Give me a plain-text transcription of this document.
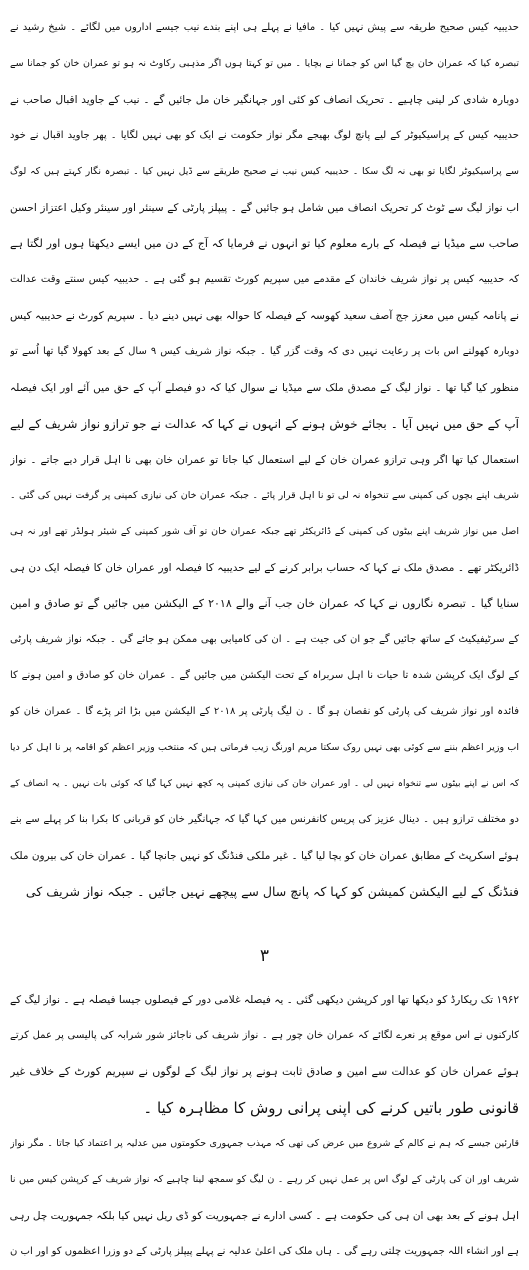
حدیبیہ کیس صحیح طریقہ سے پیش نہیں کیا ۔ مافیا نے پہلے ہی اپنے بندے نیب جیسے اداروں میں لگائے ۔ شیخ رشید نے
تبصرہ کیا کہ عمران خان بچ گیا اس کو جمانا نے بچایا ۔ میں تو کہتا ہوں اگر مذہبی رکاوٹ نہ ہو تو عمران خان کو جمانا سے
دوبارہ شادی کر لینی چاہیے ۔ تحریک انصاف کو کئی اور جہانگیر خان مل جائیں گے ۔ نیب کے جاوید اقبال صاحب نے
حدیبیہ کیس کے پراسیکیوٹر کے لیے پانچ لوگ بھیجے مگر نواز حکومت نے ایک کو بھی نہیں لگایا ۔ پھر جاوید اقبال نے خود
سے پراسیکیوٹر لگایا تو بھی نہ لگ سکا ۔ حدیبیہ کیس نیب نے صحیح طریقے سے ڈیل نہیں کیا ۔ تبصرہ نگار کہتے ہیں کہ لوگ
اب نواز لیگ سے ٹوٹ کر تحریک انصاف میں شامل ہو جائیں گے ۔ پیپلز پارٹی کے سینئر اور سینئر وکیل اعتزاز احسن
صاحب سے میڈیا نے فیصلہ کے بارے معلوم کیا تو انہوں نے فرمایا کہ آج کے دن میں ایسے دیکھتا ہوں اور لگتا ہے
کہ حدیبیہ کیس پر نواز شریف خاندان کے مقدمے میں سپریم کورٹ تقسیم ہو گئی ہے ۔ حدیبیہ کیس سنتے وقت عدالت
نے پانامہ کیس میں معزز جج آصف سعید کھوسہ کے فیصلہ کا حوالہ بھی نہیں دینے دیا ۔ سپریم کورٹ نے حدیبیہ کیس
دوبارہ کھولنے اس بات پر رعایت نہیں دی کہ وقت گزر گیا ۔ جبکہ نواز شریف کیس ۹ سال کے بعد کھولا گیا تھا اُسے تو
منظور کیا گیا تھا ۔ نواز لیگ کے مصدق ملک سے میڈیا نے سوال کیا کہ دو فیصلے آپ کے حق میں آئے اور ایک فیصلہ
آپ کے حق میں نہیں آیا ۔ بجائے خوش ہونے کے انہوں نے کہا کہ عدالت نے جو ترازو نواز شریف کے لیے
استعمال کیا تھا اگر وہی ترازو عمران خان کے لیے استعمال کیا جاتا تو عمران خان بھی نا اہل قرار دیے جاتے ۔ نواز
شریف اپنے بچوں کی کمپنی سے تنخواہ نہ لی تو نا اہل قرار پائے ۔ جبکہ عمران خان کی نیازی کمپنی پر گرفت نہیں کی گئی ۔
اصل میں نواز شریف اپنے بیٹوں کی کمپنی کے ڈائریکٹر تھے جبکہ عمران خان تو آف شور کمپنی کے شیئر ہولڈر تھے اور نہ ہی
ڈائریکٹر تھے ۔ مصدق ملک نے کہا کہ حساب برابر کرنے کے لیے حدیبیہ کا فیصلہ اور عمران خان کا فیصلہ ایک دن ہی
سنایا گیا ۔ تبصرہ نگاروں نے کہا کہ عمران خان جب آنے والے ۲۰۱۸ کے الیکشن میں جائیں گے تو صادق و امین
کے سرٹیفیکیٹ کے ساتھ جائیں گے جو ان کی جیت ہے ۔ ان کی کامیابی بھی ممکن ہو جائے گی ۔ جبکہ نواز شریف پارٹی
کے لوگ ایک کرپشن شدہ تا حیات نا اہل سربراہ کے تحت الیکشن میں جائیں گے ۔ عمران خان کو صادق و امین ہونے کا
فائدہ اور نواز شریف کی پارٹی کو نقصان ہو گا ۔ ن لیگ پارٹی پر ۲۰۱۸ کے الیکشن میں بڑا اثر پڑے گا ۔ عمران خان کو
اب وزیر اعظم بننے سے کوئی بھی نہیں روک سکتا مریم اورنگ زیب فرماتی ہیں کہ منتخب وزیر اعظم کو اقامہ پر نا اہل کر دیا
کہ اس نے اپنے بیٹوں سے تنخواہ نہیں لی ۔ اور عمران خان کی نیازی کمپنی پہ کچھ نہیں کہا گیا کہ کوئی بات نہیں ۔ یہ انصاف کے
دو مختلف ترازو ہیں ۔ دینال عزیز کی پریس کانفرنس میں کہا گیا کہ جہانگیر خان کو قربانی کا بکرا بنا کر پہلے سے بنے
ہوئے اسکرپٹ کے مطابق عمران خان کو بچا لیا گیا ۔ غیر ملکی فنڈنگ کو نہیں جانچا گیا ۔ عمران خان کی بیرون ملک
فنڈنگ کے لیے الیکشن کمیشن کو کہا کہ پانچ سال سے پیچھے نہیں جائیں ۔ جبکہ نواز شریف کی
۳
۱۹۶۲ تک ریکارڈ کو دیکھا تھا اور کرپشن دیکھی گئی ۔ یہ فیصلہ غلامی دور کے فیصلوں جیسا فیصلہ ہے ۔ نواز لیگ کے
کارکنوں نے اس موقع پر نعرے لگائے کہ عمران خان چور ہے ۔ نواز شریف کی ناجائز شور شرابہ کی پالیسی پر عمل کرتے
ہوئے عمران خان کو عدالت سے امین و صادق ثابت ہونے پر نواز لیگ کے لوگوں نے سپریم کورٹ کے خلاف غیر
قانونی طور باتیں کرنے کی اپنی پرانی روش کا مظاہرہ کیا ۔
قارئین جیسے کہ ہم نے کالم کے شروع میں عرض کی تھی کہ مہذب جمہوری حکومتوں میں عدلیہ پر اعتماد کیا جاتا ۔ مگر نواز
شریف اور ان کی پارٹی کے لوگ اس پر عمل نہیں کر رہے ۔ ن لیگ کو سمجھ لینا چاہیے کہ نواز شریف کے کرپشن کیس میں نا
اہل ہونے کے بعد بھی ان ہی کی حکومت ہے ۔ کسی ادارے نے جمہوریت کو ڈی ریل نہیں کیا بلکہ جمہوریت چل رہی
ہے اور انشاء اللہ جمہوریت چلتی رہے گی ۔ ہاں ملک کی اعلیٰ عدلیہ نے پہلے پیپلز پارٹی کے دو وزرا اعظموں کو اور اب ن
